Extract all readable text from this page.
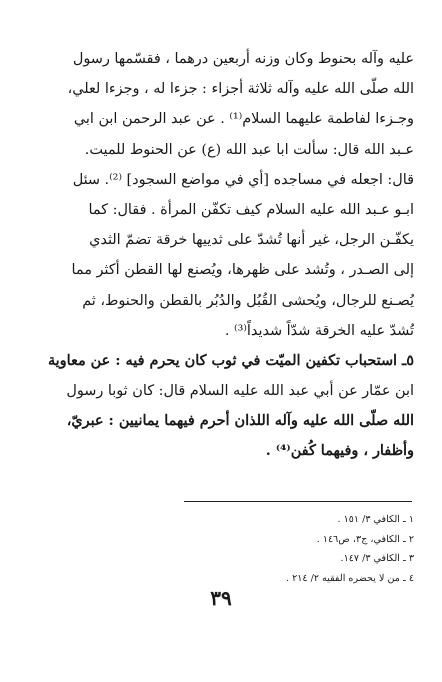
عليه وآله بحنوط وكان وزنه أربعين درهما ، فقسّمها رسول
الله صلّى الله عليه وآله ثلاثة أجزاء : جزءا له ، وجزءا لعلي،
وجـزءا لفاطمة عليهما السلام⁽¹⁾ . عن عبد الرحمن ابن ابي
عـبد الله قال: سألت ابا عبد الله (ع) عن الحنوط للميت.
قال: اجعله في مساجده [أي في مواضع السجود] ⁽²⁾. سئل
ابـو عـبد الله عليه السلام كيف تكفّن المرأة . فقال: كما
يكفّـن الرجل، غير أنها تُشدّ على ثدييها خرقة تضمّ الثدي
إلى الصـدر ، وتُشد على ظهرها، ويُصنع لها القطن أكثر مما
يُصـنع للرجال، ويُحشى القُبُل والدُبُر بالقطن والحنوط، ثم
تُشدّ عليه الخرقة شدّاً شديداً⁽³⁾ .
٥ـ استحباب تكفين الميّت في ثوب كان يحرم فيه : عن معاوية
ابن عمّار عن أبي عبد الله عليه السلام قال: كان ثوبا رسول
الله صلّى الله عليه وآله اللذان أحرم فيهما يمانيين : عبريّ،
وأظفار ، وفيهما كُفن⁽⁴⁾ .
١ ـ الكافي ٣/ ١٥١ .
٢ ـ الكافي، ج٣، ص١٤٦ .
٣ ـ الكافي ٣/ ١٤٧.
٤ ـ من لا يحضره الفقيه ٢/ ٢١٤ .
٣٩
